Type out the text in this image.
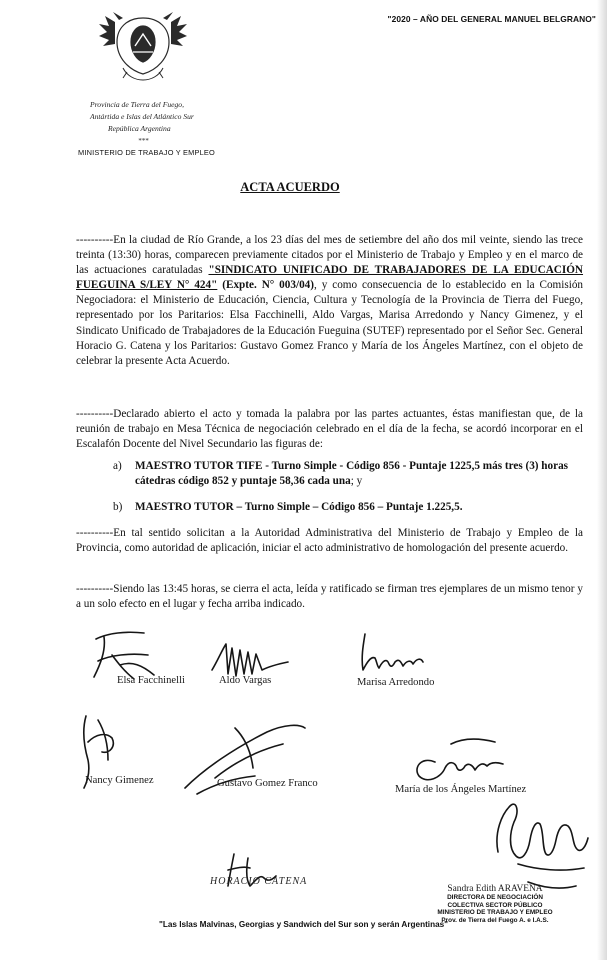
"2020 – AÑO DEL GENERAL MANUEL BELGRANO"
Provincia de Tierra del Fuego,
Antártida e Islas del Atlántico Sur
República Argentina
***
MINISTERIO DE TRABAJO Y EMPLEO
ACTA ACUERDO
----------En la ciudad de Río Grande, a los 23 días del mes de setiembre del año dos mil veinte, siendo las trece treinta (13:30) horas, comparecen previamente citados por el Ministerio de Trabajo y Empleo y en el marco de las actuaciones caratuladas "SINDICATO UNIFICADO DE TRABAJADORES DE LA EDUCACIÓN FUEGUINA S/LEY N° 424" (Expte. N° 003/04), y como consecuencia de lo establecido en la Comisión Negociadora: el Ministerio de Educación, Ciencia, Cultura y Tecnología de la Provincia de Tierra del Fuego, representado por los Paritarios: Elsa Facchinelli, Aldo Vargas, Marisa Arredondo y Nancy Gimenez, y el Sindicato Unificado de Trabajadores de la Educación Fueguina (SUTEF) representado por el Señor Sec. General Horacio G. Catena y los Paritarios: Gustavo Gomez Franco y María de los Ángeles Martínez, con el objeto de celebrar la presente Acta Acuerdo.
----------Declarado abierto el acto y tomada la palabra por las partes actuantes, éstas manifiestan que, de la reunión de trabajo en Mesa Técnica de negociación celebrado en el día de la fecha, se acordó incorporar en el Escalafón Docente del Nivel Secundario las figuras de:
a) MAESTRO TUTOR TIFE - Turno Simple - Código 856 - Puntaje 1225,5 más tres (3) horas cátedras código 852 y puntaje 58,36 cada una; y
b) MAESTRO TUTOR – Turno Simple – Código 856 – Puntaje 1.225,5.
----------En tal sentido solicitan a la Autoridad Administrativa del Ministerio de Trabajo y Empleo de la Provincia, como autoridad de aplicación, iniciar el acto administrativo de homologación del presente acuerdo.
----------Siendo las 13:45 horas, se cierra el acta, leída y ratificado se firman tres ejemplares de un mismo tenor y a un solo efecto en el lugar y fecha arriba indicado.
Elsa Facchinelli	Aldo Vargas	Marisa Arredondo
Nancy Gimenez	Gustavo Gomez Franco
María de los Ángeles Martínez
HORACIO CATENA
Sandra Edith ARAVENA
DIRECTORA DE NEGOCIACIÓN
COLECTIVA SECTOR PÚBLICO
MINISTERIO DE TRABAJO Y EMPLEO
Prov. de Tierra del Fuego A. e I.A.S.
"Las Islas Malvinas, Georgias y Sandwich del Sur son y serán Argentinas"
